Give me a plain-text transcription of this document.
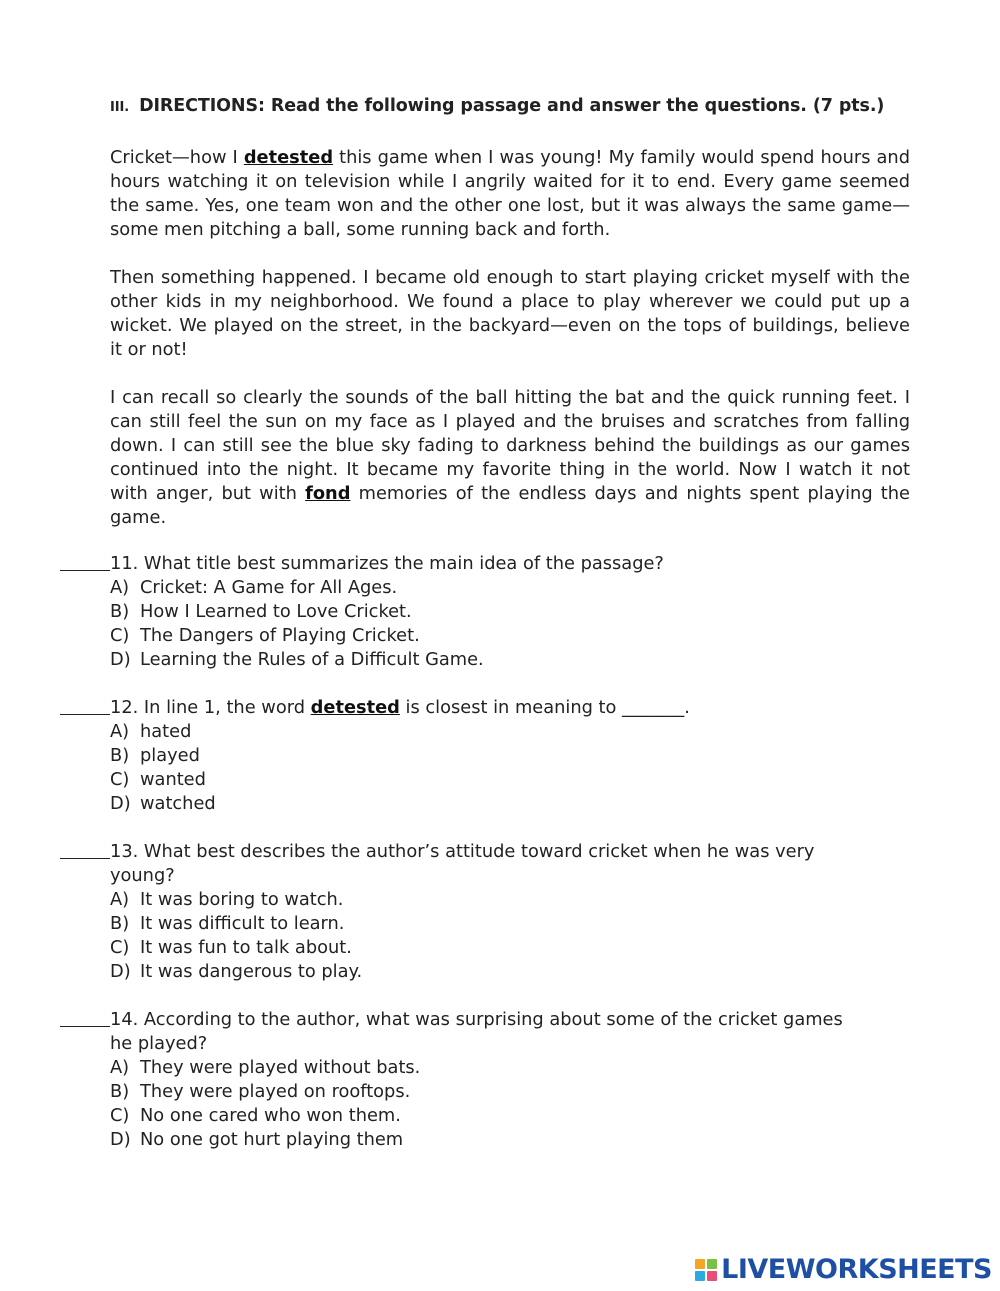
III. DIRECTIONS: Read the following passage and answer the questions. (7 pts.)
Cricket—how I detested this game when I was young! My family would spend hours and hours watching it on television while I angrily waited for it to end. Every game seemed the same. Yes, one team won and the other one lost, but it was always the same game—some men pitching a ball, some running back and forth.
Then something happened. I became old enough to start playing cricket myself with the other kids in my neighborhood. We found a place to play wherever we could put up a wicket. We played on the street, in the backyard—even on the tops of buildings, believe it or not!
I can recall so clearly the sounds of the ball hitting the bat and the quick running feet. I can still feel the sun on my face as I played and the bruises and scratches from falling down. I can still see the blue sky fading to darkness behind the buildings as our games continued into the night. It became my favorite thing in the world. Now I watch it not with anger, but with fond memories of the endless days and nights spent playing the game.
11. What title best summarizes the main idea of the passage?
A) Cricket: A Game for All Ages.
B) How I Learned to Love Cricket.
C) The Dangers of Playing Cricket.
D) Learning the Rules of a Difficult Game.
12. In line 1, the word detested is closest in meaning to _______.
A) hated
B) played
C) wanted
D) watched
13. What best describes the author’s attitude toward cricket when he was very
young?
A) It was boring to watch.
B) It was difficult to learn.
C) It was fun to talk about.
D) It was dangerous to play.
14. According to the author, what was surprising about some of the cricket games
he played?
A) They were played without bats.
B) They were played on rooftops.
C) No one cared who won them.
D) No one got hurt playing them
LIVEWORKSHEETS
